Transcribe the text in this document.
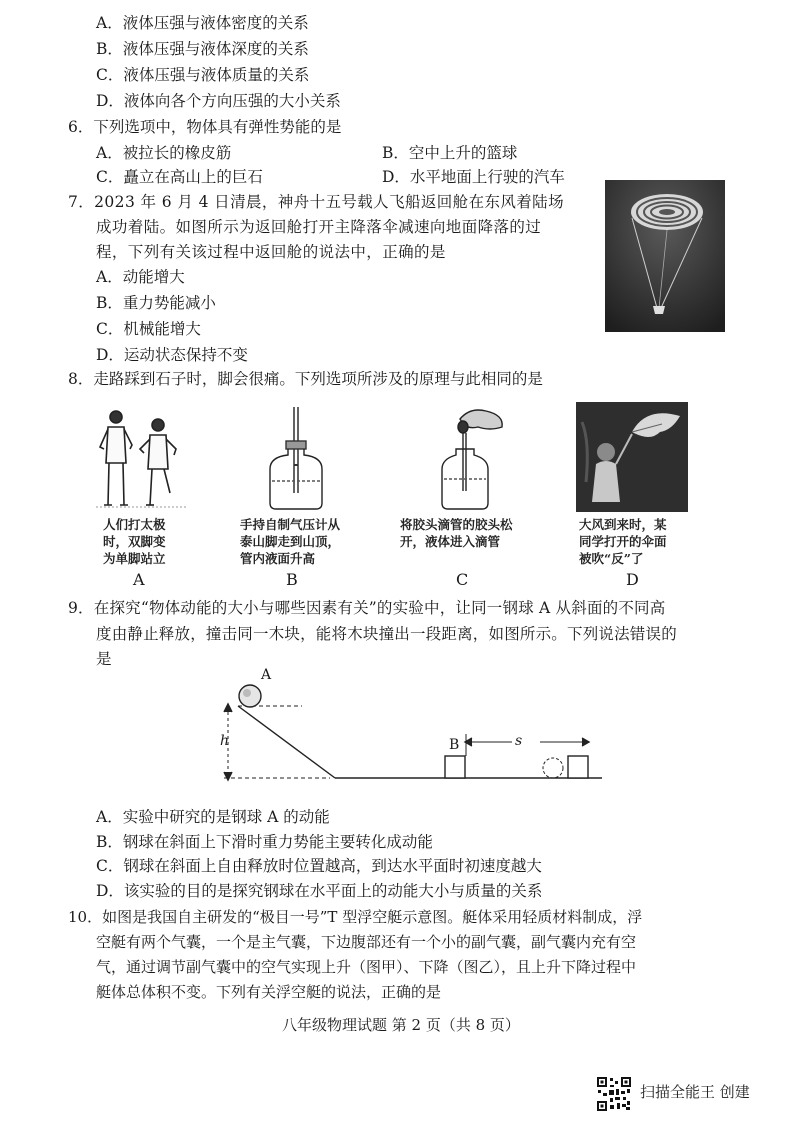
A．液体压强与液体密度的关系
B．液体压强与液体深度的关系
C．液体压强与液体质量的关系
D．液体向各个方向压强的大小关系
6．下列选项中，物体具有弹性势能的是
A．被拉长的橡皮筋	B．空中上升的篮球
C．矗立在高山上的巨石	D．水平地面上行驶的汽车
7．2023 年 6 月 4 日清晨，神舟十五号载人飞船返回舱在东风着陆场
成功着陆。如图所示为返回舱打开主降落伞减速向地面降落的过
程，下列有关该过程中返回舱的说法中，正确的是
A．动能增大
B．重力势能减小
C．机械能增大
D．运动状态保持不变
8．走路踩到石子时，脚会很痛。下列选项所涉及的原理与此相同的是
人们打太极
时，双脚变
为单脚站立
A
手持自制气压计从
泰山脚走到山顶，
管内液面升高
B
将胶头滴管的胶头松
开，液体进入滴管
C
大风到来时，某
同学打开的伞面
被吹“反”了
D
9．在探究“物体动能的大小与哪些因素有关”的实验中，让同一钢球 A 从斜面的不同高
度由静止释放，撞击同一木块，能将木块撞出一段距离，如图所示。下列说法错误的
是
A
h	B	s
A．实验中研究的是钢球 A 的动能
B．钢球在斜面上下滑时重力势能主要转化成动能
C．钢球在斜面上自由释放时位置越高，到达水平面时初速度越大
D．该实验的目的是探究钢球在水平面上的动能大小与质量的关系
10．如图是我国自主研发的“极目一号”T 型浮空艇示意图。艇体采用轻质材料制成，浮
空艇有两个气囊，一个是主气囊，下边腹部还有一个小的副气囊，副气囊内充有空
气，通过调节副气囊中的空气实现上升（图甲）、下降（图乙），且上升下降过程中
艇体总体积不变。下列有关浮空艇的说法，正确的是
八年级物理试题 第 2 页（共 8 页）
扫描全能王 创建
